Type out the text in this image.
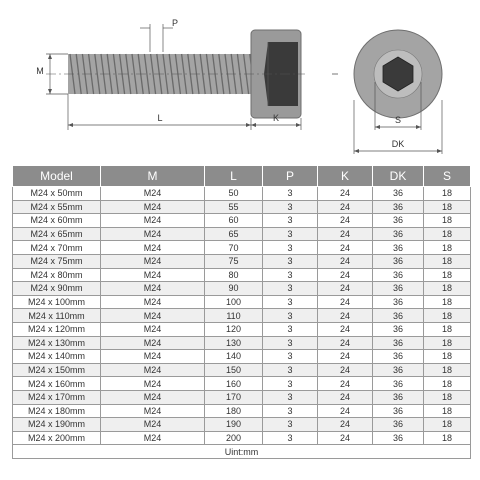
P
M
L	K	S
DK
Model	M	L	P	K	DK	S
M24 x 50mm	M24	50	3	24	36	18
M24 x 55mm	M24	55	3	24	36	18
M24 x 60mm	M24	60	3	24	36	18
M24 x 65mm	M24	65	3	24	36	18
M24 x 70mm	M24	70	3	24	36	18
M24 x 75mm	M24	75	3	24	36	18
M24 x 80mm	M24	80	3	24	36	18
M24 x 90mm	M24	90	3	24	36	18
M24 x 100mm	M24	100	3	24	36	18
M24 x 110mm	M24	110	3	24	36	18
M24 x 120mm	M24	120	3	24	36	18
M24 x 130mm	M24	130	3	24	36	18
M24 x 140mm	M24	140	3	24	36	18
M24 x 150mm	M24	150	3	24	36	18
M24 x 160mm	M24	160	3	24	36	18
M24 x 170mm	M24	170	3	24	36	18
M24 x 180mm	M24	180	3	24	36	18
M24 x 190mm	M24	190	3	24	36	18
M24 x 200mm	M24	200	3	24	36	18
Uint:mm						
